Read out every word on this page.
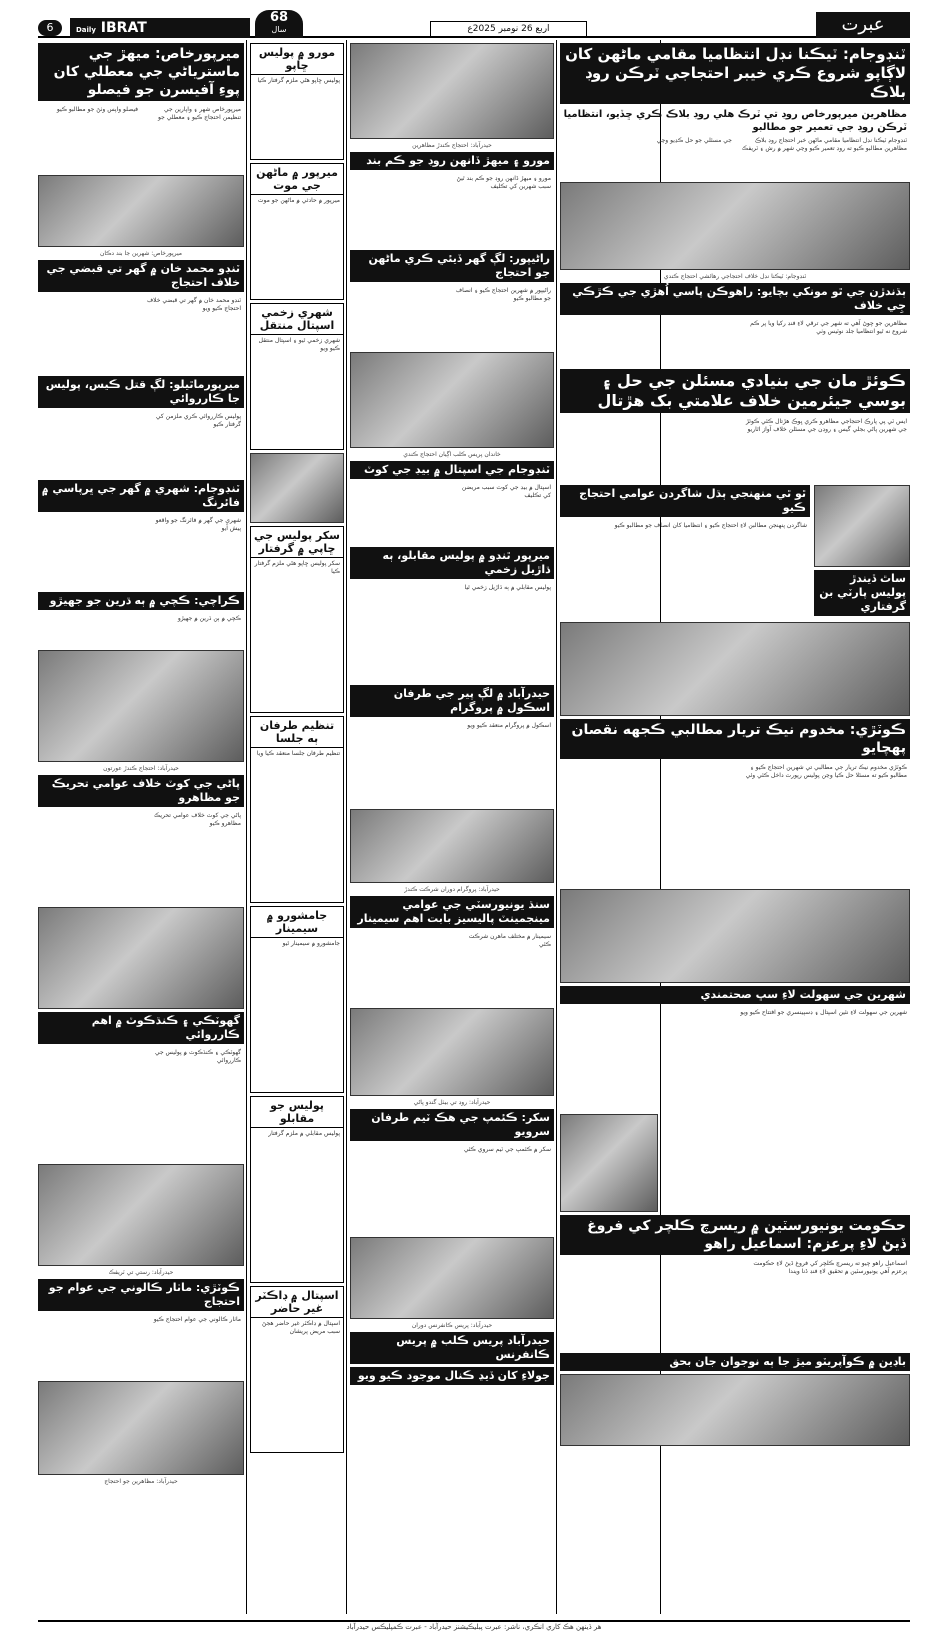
6	Daily IBRAT
68
سال	اربع 26 نومبر 2025ع	عبرت
ٽنڊوجام: ٽيڪنا نڊل انتظاميا مقامي ماڻهن کان لاڳاپو شروع ڪري خيبر احتجاجي ٽرڪن روڊ بلاڪ
مظاهرين ميرپورخاص روڊ تي ٽرڪ هلي روڊ بلاڪ ڪري ڇڏيو، انتظاميا ٽرڪن روڊ جي تعمير جو مطالبو
ٽنڊوجام ٽيڪنا نڊل انتظاميا مقامي ماڻهن خبر احتجاج روڊ بلاڪ مظاهرين مطالبو ڪيو ته روڊ تعمير ڪيو وڃي شهر ۾ رش ۽ ٽريفڪ جي مسئلي جو حل ڪڍيو وڃي
ٽنڊوجام: ٽيڪنا نڊل خلاف احتجاجي رهائشي احتجاج ڪندي
ٻڌندڙن جي ٿو مونکي بچايو: راهوڪن پاسي اُهڙي جي ڪڙڪي جِي خلاف
مظاهرين جو چوڻ آهي ته شهر جي ترقي لاءِ فنڊ رکيا ويا پر ڪم شروع نه ٿيو انتظاميا جلد نوٽيس وٺي
ڪوئڙ مان جي بنيادي مسئلن جي حل ۽ بوسي جيئرمين خلاف علامتي بک هڙتال
ايس ٽي پي پارڪ احتجاجي مظاهرو ڪري ڀوڪ هڙتال ڪئي ڪوئڙ جي شهرين پاڻي بجلي گيس ۽ روڊن جي مسئلن خلاف آواز اٿاريو
ٿو ٿي منهنجي ٻڌل شاگردن عوامي احتجاج ڪيو
شاگردن پنهنجن مطالبن لاءِ احتجاج ڪيو ۽ انتظاميا کان انصاف جو مطالبو ڪيو
ساٿ ڏيندڙ پوليس پارٽي بن گرفتاري
ڪوٽڙي: مخدوم نيڪ تريار مطالبي ڪجهه نقصان پهچايو
ڪوٽڙي مخدوم نيڪ تريار جي مطالبي تي شهرين احتجاج ڪيو ۽ مطالبو ڪيو ته مسئلا حل ڪيا وڃن پوليس رپورٽ داخل ڪئي وئي
شهرين جي سهولت لاءِ سڀ صحتمندي
شهرين جي سهولت لاءِ نئين اسپتال ۽ ڊسپينسري جو افتتاح ڪيو ويو
حڪومت يونيورسٽين ۾ ريسرچ ڪلچر کي فروغ ڏيڻ لاءِ پرعزم: اسماعيل راهو
اسماعيل راهو چيو ته ريسرچ ڪلچر کي فروغ ڏيڻ لاءِ حڪومت پرعزم آهي يونيورسٽين ۾ تحقيق لاءِ فنڊ ڏنا ويندا
باڊين ۾ ڪوآپريٽو ميڙ جا ٻه نوجوان جان بحق
حيدرآباد: احتجاج ڪندڙ مظاهرين
مورو ۽ ميهڙ ڏانهن روڊ جو ڪم بند
مورو ۽ ميهڙ ڏانهن روڊ جو ڪم بند ٿيڻ سبب شهرين کي تڪليف
راڻيپور: لڳ گهر ڏيئي ڪري ماڻهن جو احتجاج
راڻيپور ۾ شهرين احتجاج ڪيو ۽ انصاف جو مطالبو ڪيو
خاندان پريس ڪلب اڳيان احتجاج ڪندي
ٽنڊوجام جي اسپتال ۾ بيڊ جي کوٽ
اسپتال ۾ بيڊ جي کوٽ سبب مريضن کي تڪليف
ميرپور ٿنڊو ۾ پوليس مقابلو، ٻه ڌاڙيل زخمي
پوليس مقابلي ۾ ٻه ڌاڙيل زخمي ٿيا
حيدرآباد ۾ لڳ پير جي طرفان اسڪول ۾ پروگرام
اسڪول ۾ پروگرام منعقد ڪيو ويو
حيدرآباد: پروگرام دوران شرڪت ڪندڙ
سنڌ يونيورسٽي جي عوامي مينجمينٽ پاليسيز بابت اهم سيمينار
سيمينار ۾ مختلف ماهرن شرڪت ڪئي
حيدرآباد: روڊ تي بيٺل گندو پاڻي
سکر: ڪئمپ جي هڪ ٽيم طرفان سرويو
سکر ۾ ڪئمپ جي ٽيم سروي ڪئي
حيدرآباد: پريس ڪانفرنس دوران
حيدرآباد پريس ڪلب ۾ پريس ڪانفرنس
جولاءِ کان ڏيڍ ڪنال موجود ڪيو ويو
مورو ۾ پوليس ڇاپو
پوليس ڇاپو هڻي ملزم گرفتار ڪيا
ميرپور ۾ ماڻهن جي موت
ميرپور ۾ حادثي ۾ ماڻهن جو موت
شهري زخمي اسپتال منتقل
شهري زخمي ٿيو ۽ اسپتال منتقل ڪيو ويو
سکر پوليس جي ڇاپي ۾ گرفتار
سکر پوليس ڇاپو هڻي ملزم گرفتار ڪيا
تنظيم طرفان ٻه جلسا
تنظيم طرفان جلسا منعقد ڪيا ويا
جامشورو ۾ سيمينار
جامشورو ۾ سيمينار ٿيو
پوليس جو مقابلو
پوليس مقابلي ۾ ملزم گرفتار
اسپتال ۾ ڊاڪٽر غير حاضر
اسپتال ۾ ڊاڪٽر غير حاضر هجڻ سبب مريض پريشان
ميرپورخاص: ميهڙ جي ماسترياڻي جي معطلي کان پوءِ آفيسرن جو فيصلو
ميرپورخاص شهر ۽ واپارين جي تنظيمن احتجاج ڪيو ۽ معطلي جو فيصلو واپس وٺڻ جو مطالبو ڪيو
ميرپورخاص: شهرين جا بند دڪان
ٽنڊو محمد خان ۾ گهر تي قبضي جي خلاف احتجاج
ٽنڊو محمد خان ۾ گهر تي قبضي خلاف احتجاج ڪيو ويو
ميرپورماٿيلو: لڳ قتل ڪيس، پوليس جا ڪارروائي
پوليس ڪارروائي ڪري ملزمن کي گرفتار ڪيو
ٽنڊوجام: شهري ۾ گهر جي ڀرپاسي ۾ فائرنگ
شهري جي گهر ۾ فائرنگ جو واقعو پيش آيو
ڪراچي: ڪچي ۾ ٻه ڌرين جو جهيڙو
ڪچي ۾ ٻن ڌرين ۾ جهيڙو
حيدرآباد: احتجاج ڪندڙ عورتون
پاڻي جي کوٽ خلاف عوامي تحريڪ جو مظاهرو
پاڻي جي کوٽ خلاف عوامي تحريڪ مظاهرو ڪيو
گهوٽڪي ۽ ڪنڌڪوٽ ۾ اهم ڪارروائي
گهوٽڪي ۽ ڪنڌڪوٽ ۾ پوليس جي ڪارروائي
حيدرآباد: رستي تي ٽريفڪ
ڪوٽڙي: ماٺار ڪالوني جي عوام جو احتجاج
ماٺار ڪالوني جي عوام احتجاج ڪيو
حيدرآباد: مظاهرين جو احتجاج
هر ڏينهن هڪ کاري انڪري، ناشر: عبرت پبليڪيشنز حيدرآباد - عبرت ڪمپليڪس حيدرآباد
